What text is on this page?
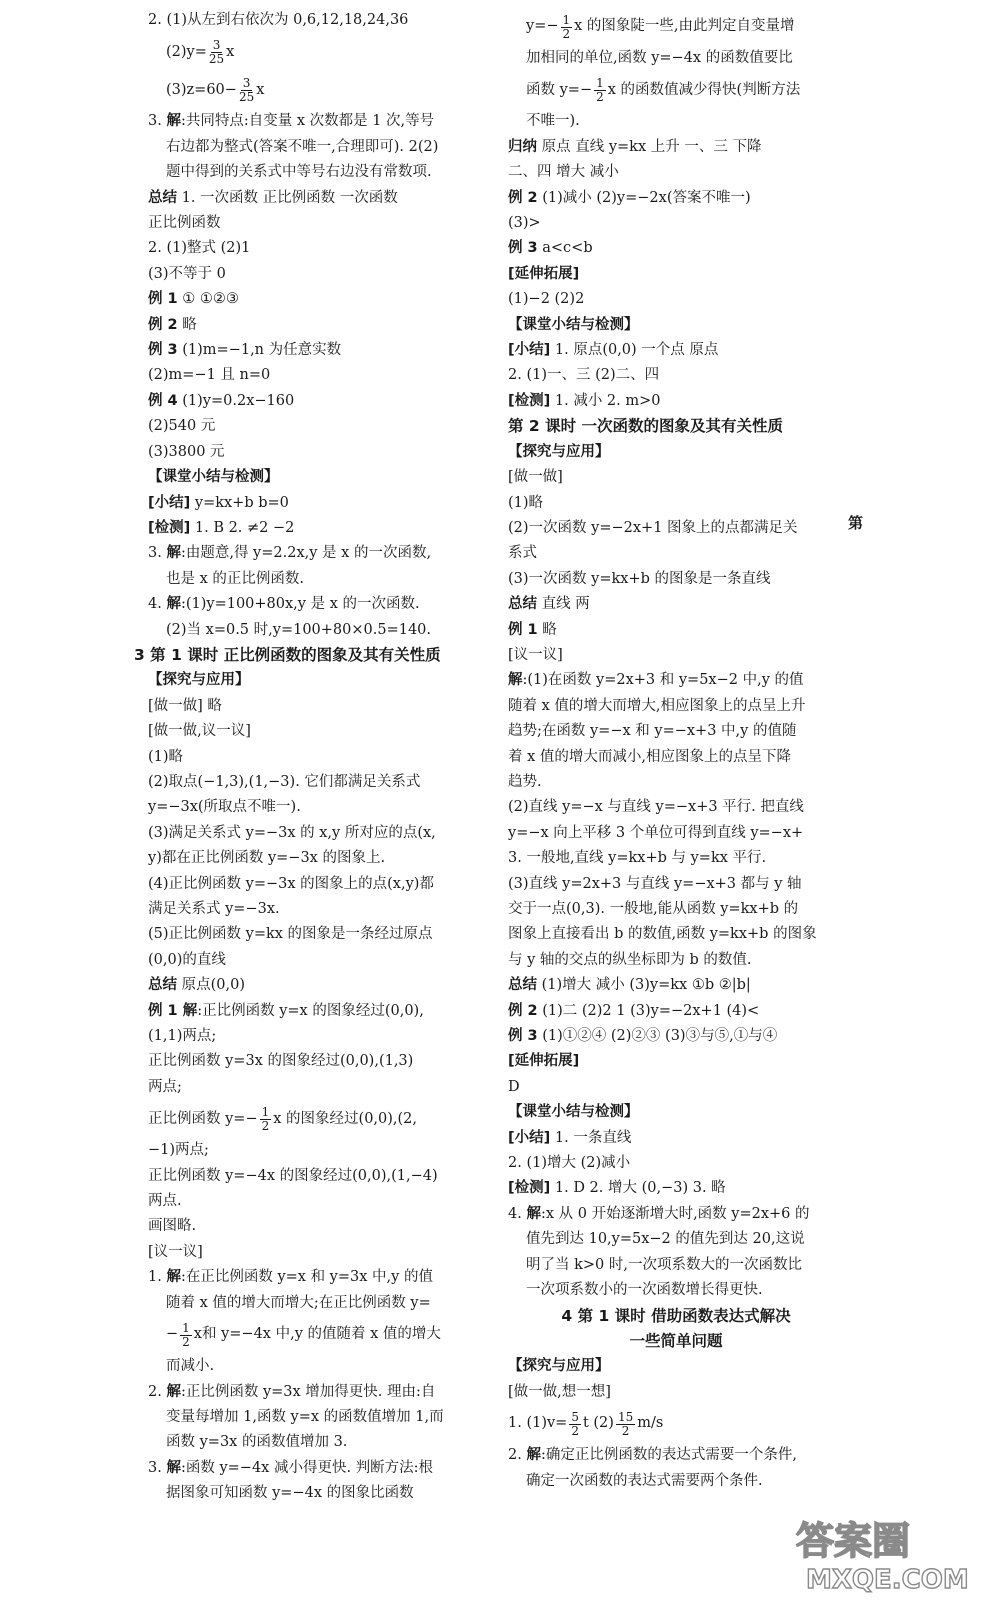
2. (1)从左到右依次为 0,6,12,18,24,36
$(2)y= \frac{3}{25}$ x
$(3)z=60- \frac{3}{25}$ x
3. 解:共同特点:自变量 x 次数都是 1 次,等号
右边都为整式(答案不唯一,合理即可). 2(2)
题中得到的关系式中等号右边没有常数项.
总结 1. 一次函数 正比例函数 一次函数
正比例函数
2. (1)整式 (2)1
(3)不等于 0
例 1 ① ①②③
例 2 略
例 3 (1)m=−1,n 为任意实数
(2)m=−1 且 n=0
例 4 (1)y=0.2x−160
(2)540 元
(3)3800 元
【课堂小结与检测】
[小结] y=kx+b b=0
[检测] 1. B 2. ≠2 −2
3. 解:由题意,得 y=2.2x,y 是 x 的一次函数,
也是 x 的正比例函数.
4. 解:(1)y=100+80x,y 是 x 的一次函数.
(2)当 x=0.5 时,y=100+80×0.5=140.
3 第 1 课时 正比例函数的图象及其有关性质
【探究与应用】
[做一做] 略
[做一做,议一议]
(1)略
(2)取点(−1,3),(1,−3). 它们都满足关系式
y=−3x(所取点不唯一).
(3)满足关系式 y=−3x 的 x,y 所对应的点(x,
y)都在正比例函数 y=−3x 的图象上.
(4)正比例函数 y=−3x 的图象上的点(x,y)都
满足关系式 y=−3x.
(5)正比例函数 y=kx 的图象是一条经过原点
(0,0)的直线
总结 原点(0,0)
例 1 解:正比例函数 y=x 的图象经过(0,0),
(1,1)两点;
正比例函数 y=3x 的图象经过(0,0),(1,3)
两点;
正比例函数 $y=- \frac{1}{2}$ x 的图象经过(0,0),(2,
−1)两点;
正比例函数 y=−4x 的图象经过(0,0),(1,−4)
两点.
画图略.
[议一议]
1. 解:在正比例函数 y=x 和 y=3x 中,y 的值
随着 x 值的增大而增大;在正比例函数 y=
− $\frac{1}{2}$ x和 y=−4x 中,y 的值随着 x 值的增大
而减小.
2. 解:正比例函数 y=3x 增加得更快. 理由:自
变量每增加 1,函数 y=x 的函数值增加 1,而
函数 y=3x 的函数值增加 3.
3. 解:函数 y=−4x 减小得更快. 判断方法:根
据图象可知函数 y=−4x 的图象比函数
$y=- \frac{1}{2}$ x 的图象陡一些,由此判定自变量增
加相同的单位,函数 y=−4x 的函数值要比
函数 $y=- \frac{1}{2}$ x 的函数值减少得快(判断方法
不唯一).
归纳 原点 直线 y=kx 上升 一、三 下降
二、四 增大 减小
例 2 (1)减小 (2)y=−2x(答案不唯一)
(3)>
例 3 a<c<b
[延伸拓展]
(1)−2 (2)2
【课堂小结与检测】
[小结] 1. 原点(0,0) 一个点 原点
2. (1)一、三 (2)二、四
[检测] 1. 减小 2. m>0
第 2 课时 一次函数的图象及其有关性质
【探究与应用】
[做一做]
(1)略
(2)一次函数 y=−2x+1 图象上的点都满足关
系式
(3)一次函数 y=kx+b 的图象是一条直线
总结 直线 两
例 1 略
[议一议]
解:(1)在函数 y=2x+3 和 y=5x−2 中,y 的值
随着 x 值的增大而增大,相应图象上的点呈上升
趋势;在函数 y=−x 和 y=−x+3 中,y 的值随
着 x 值的增大而减小,相应图象上的点呈下降
趋势.
(2)直线 y=−x 与直线 y=−x+3 平行. 把直线
y=−x 向上平移 3 个单位可得到直线 y=−x+
3. 一般地,直线 y=kx+b 与 y=kx 平行.
(3)直线 y=2x+3 与直线 y=−x+3 都与 y 轴
交于一点(0,3). 一般地,能从函数 y=kx+b 的
图象上直接看出 b 的数值,函数 y=kx+b 的图象
与 y 轴的交点的纵坐标即为 b 的数值.
总结 (1)增大 减小 (3)y=kx ①b ②|b|
例 2 (1)二 (2)2 1 (3)y=−2x+1 (4)<
例 3 (1)①②④ (2)②③ (3)③与⑤,①与④
[延伸拓展]
D
【课堂小结与检测】
[小结] 1. 一条直线
2. (1)增大 (2)减小
[检测] 1. D 2. 增大 (0,−3) 3. 略
4. 解:x 从 0 开始逐渐增大时,函数 y=2x+6 的
值先到达 10,y=5x−2 的值先到达 20,这说
明了当 k>0 时,一次项系数大的一次函数比
一次项系数小的一次函数增长得更快.
4 第 1 课时 借助函数表达式解决
一些简单问题
【探究与应用】
[做一做,想一想]
1. $(1)v= \frac{5}{2}$ t $(2) \frac{15}{2} m/s$
2. 解:确定正比例函数的表达式需要一个条件,
确定一次函数的表达式需要两个条件.
第
答案圈
MXQE.COM
